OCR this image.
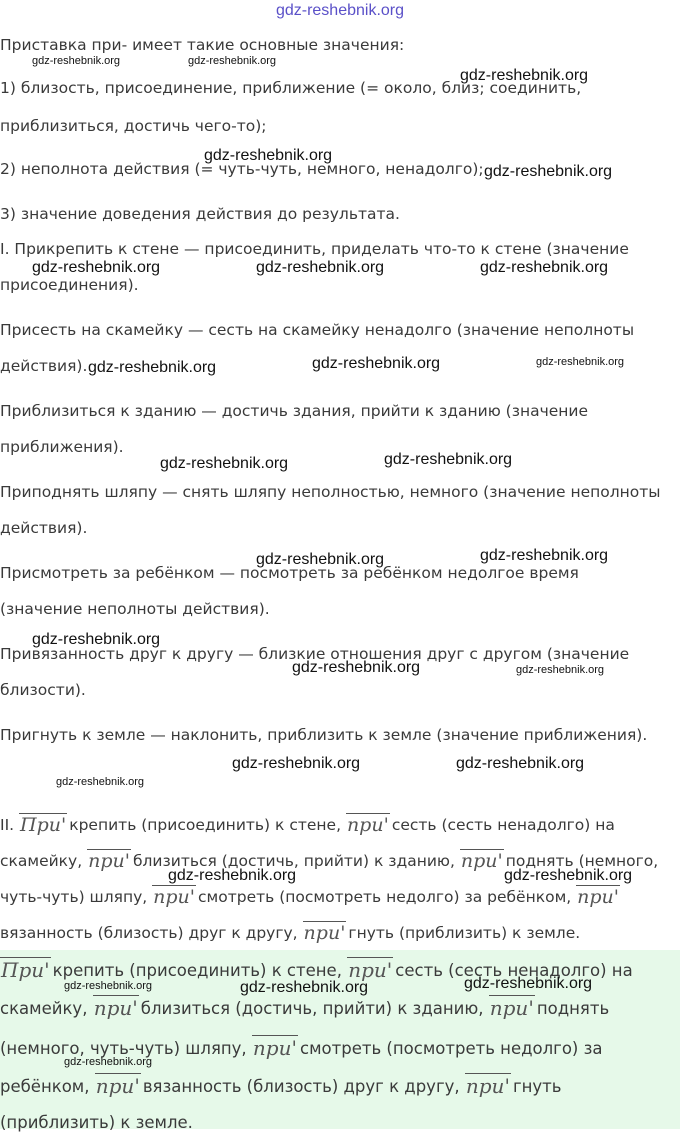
gdz-reshebnik.org
Приставка при- имеет такие основные значения:
1) близость, присоединение, приближение (= около, близ; соединить,
приблизиться, достичь чего-то);
2) неполнота действия (= чуть-чуть, немного, ненадолго);
3) значение доведения действия до результата.
I. Прикрепить к стене — присоединить, приделать что-то к стене (значение
присоединения).
Присесть на скамейку — сесть на скамейку ненадолго (значение неполноты
действия).
Приблизиться к зданию — достичь здания, прийти к зданию (значение
приближения).
Приподнять шляпу — снять шляпу неполностью, немного (значение неполноты
действия).
Присмотреть за ребёнком — посмотреть за ребёнком недолгое время
(значение неполноты действия).
Привязанность друг к другу — близкие отношения друг с другом (значение
близости).
Пригнуть к земле — наклонить, приблизить к земле (значение приближения).
II. При' крепить (присоединить) к стене, при' сесть (сесть ненадолго) на
скамейку, при' близиться (достичь, прийти) к зданию, при' поднять (немного,
чуть-чуть) шляпу, при' смотреть (посмотреть недолго) за ребёнком, при'
вязанность (близость) друг к другу, при' гнуть (приблизить) к земле.
При' крепить (присоединить) к стене, при' сесть (сесть ненадолго) на
скамейку, при' близиться (достичь, прийти) к зданию, при' поднять
(немного, чуть-чуть) шляпу, при' смотреть (посмотреть недолго) за
ребёнком, при' вязанность (близость) друг к другу, при' гнуть
(приблизить) к земле.
gdz-reshebnik.org	gdz-reshebnik.org
gdz-reshebnik.org
gdz-reshebnik.org
gdz-reshebnik.org
gdz-reshebnik.org	gdz-reshebnik.org	gdz-reshebnik.org
gdz-reshebnik.org	gdz-reshebnik.org	gdz-reshebnik.org
gdz-reshebnik.org	gdz-reshebnik.org
gdz-reshebnik.org	gdz-reshebnik.org
gdz-reshebnik.org
gdz-reshebnik.org	gdz-reshebnik.org
gdz-reshebnik.org
gdz-reshebnik.org	gdz-reshebnik.org
gdz-reshebnik.org	gdz-reshebnik.org
gdz-reshebnik.org	gdz-reshebnik.org	gdz-reshebnik.org
gdz-reshebnik.org
